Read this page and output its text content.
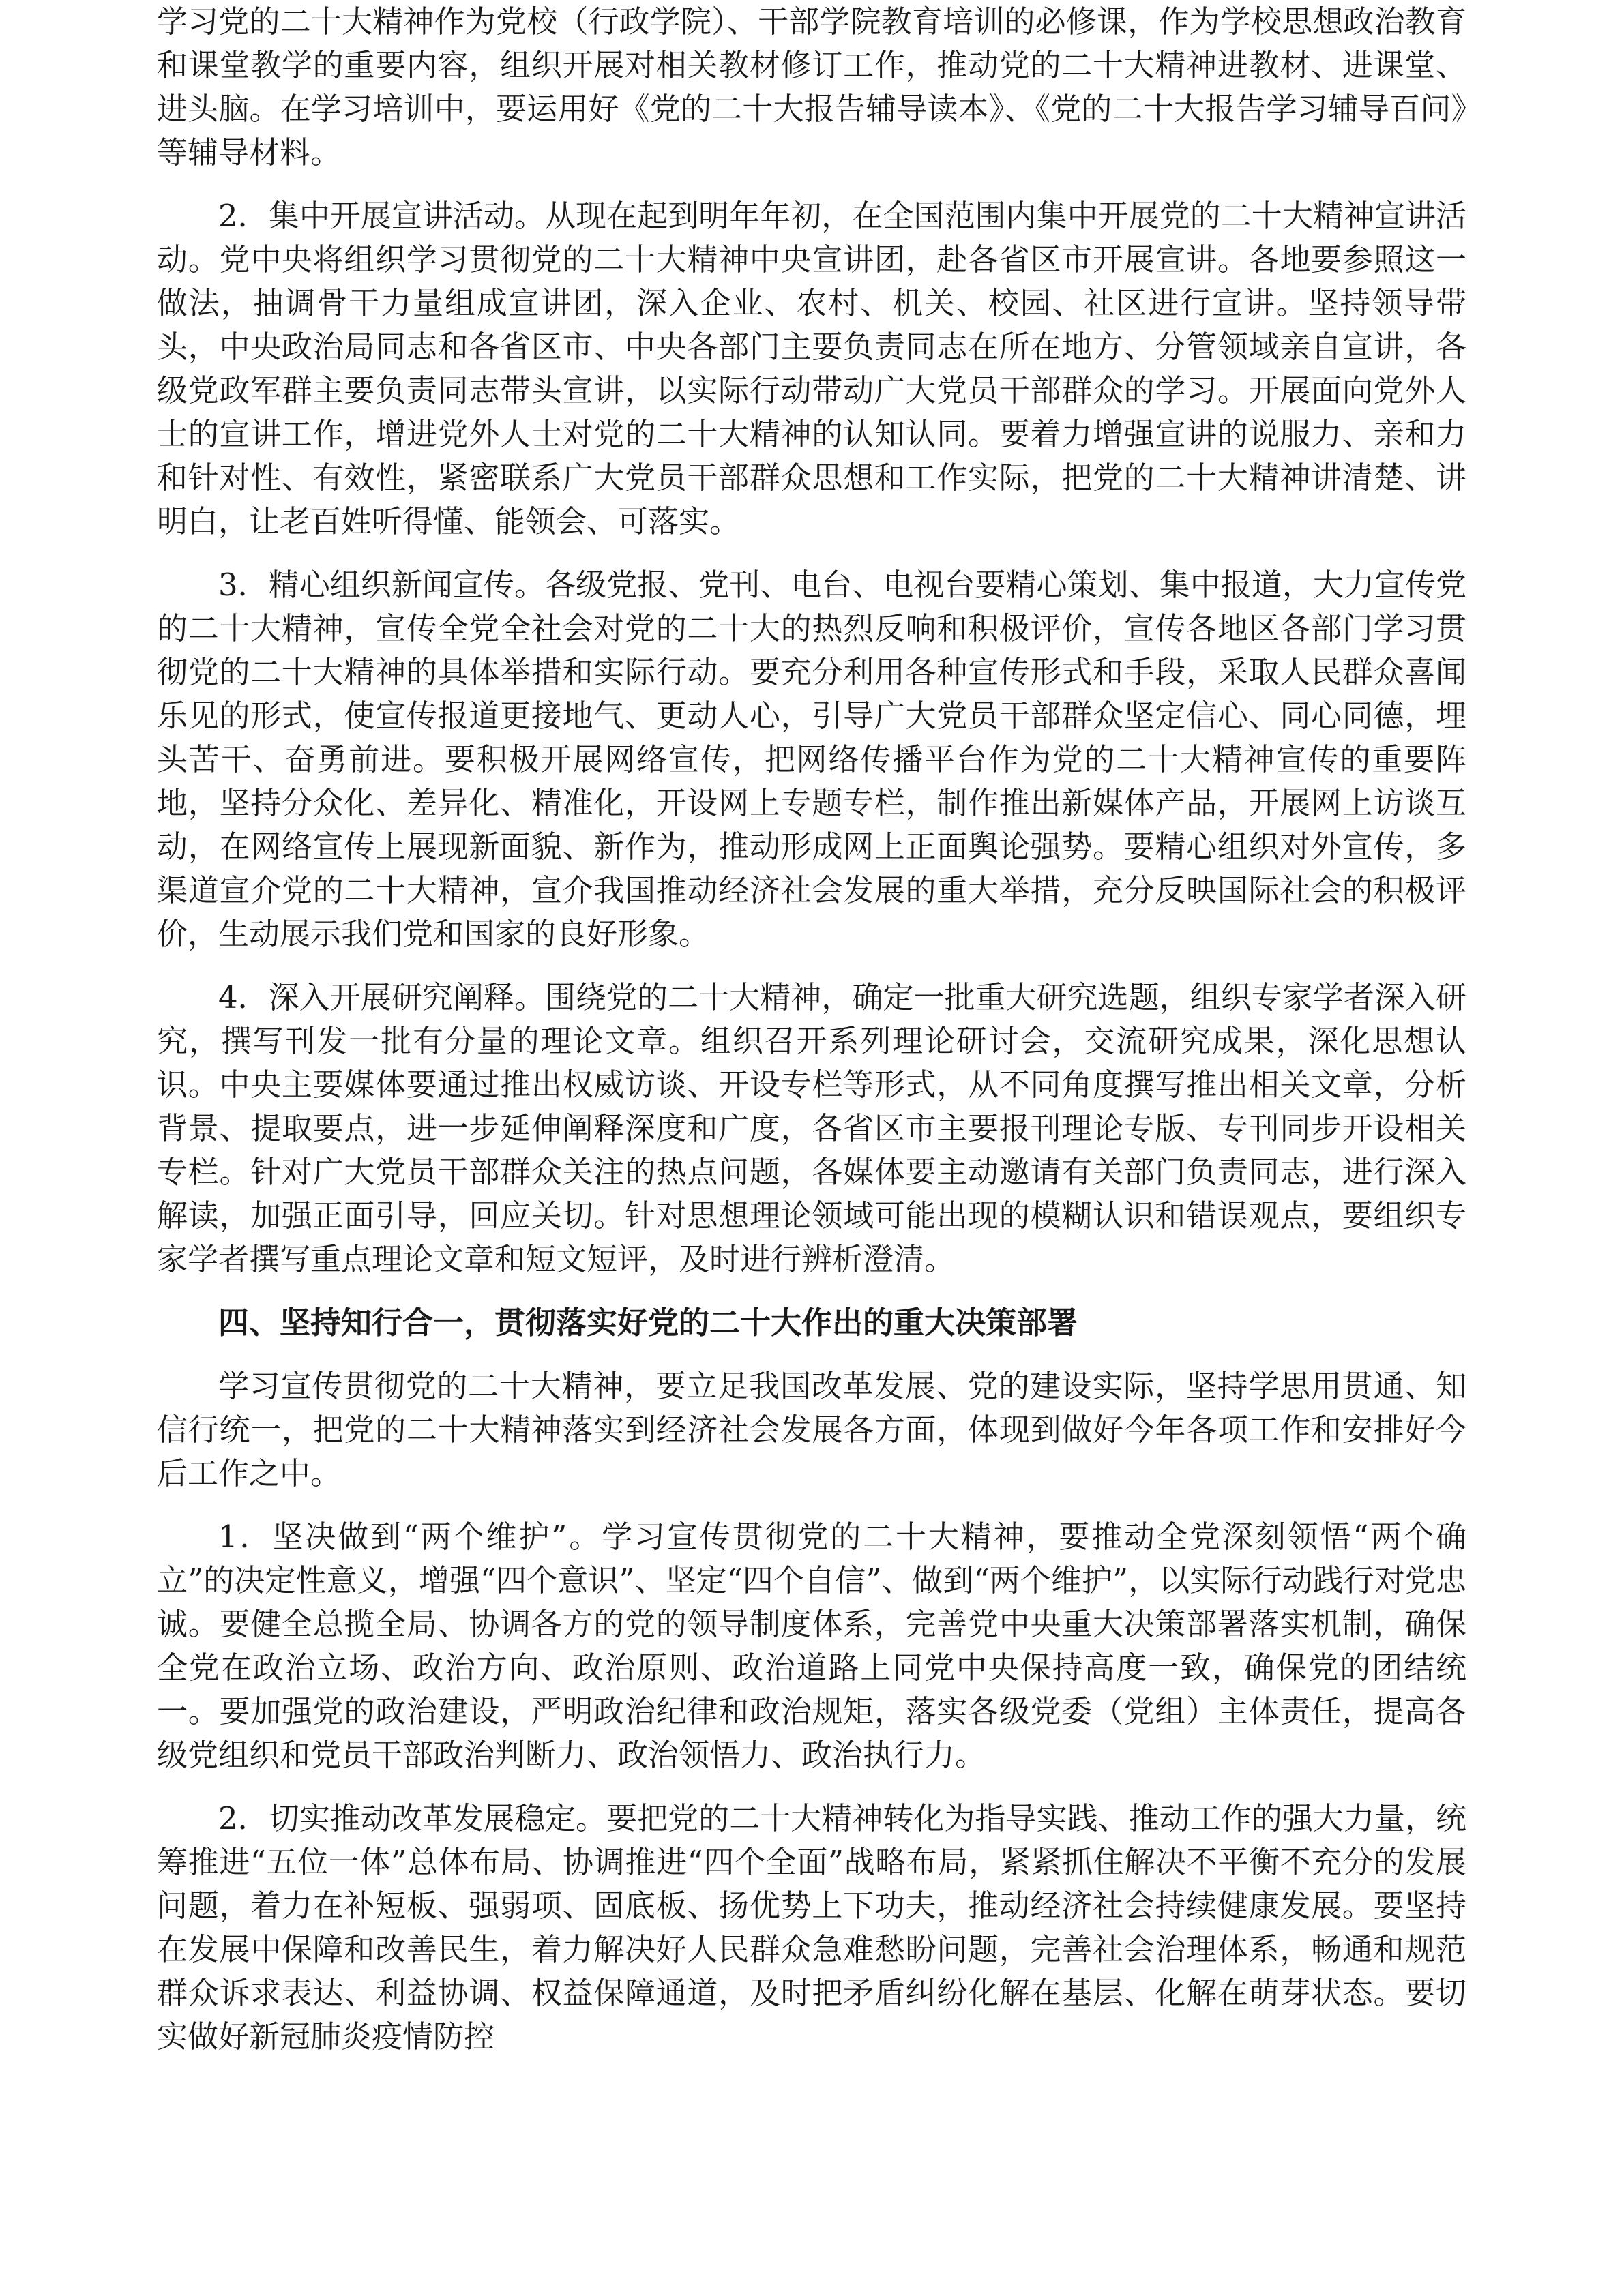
学习党的二十大精神作为党校（行政学院）、干部学院教育培训的必修课，作为学校思想政治教育和课堂教学的重要内容，组织开展对相关教材修订工作，推动党的二十大精神进教材、进课堂、进头脑。在学习培训中，要运用好《党的二十大报告辅导读本》、《党的二十大报告学习辅导百问》等辅导材料。

2．集中开展宣讲活动。从现在起到明年年初，在全国范围内集中开展党的二十大精神宣讲活动。党中央将组织学习贯彻党的二十大精神中央宣讲团，赴各省区市开展宣讲。各地要参照这一做法，抽调骨干力量组成宣讲团，深入企业、农村、机关、校园、社区进行宣讲。坚持领导带头，中央政治局同志和各省区市、中央各部门主要负责同志在所在地方、分管领域亲自宣讲，各级党政军群主要负责同志带头宣讲，以实际行动带动广大党员干部群众的学习。开展面向党外人士的宣讲工作，增进党外人士对党的二十大精神的认知认同。要着力增强宣讲的说服力、亲和力和针对性、有效性，紧密联系广大党员干部群众思想和工作实际，把党的二十大精神讲清楚、讲明白，让老百姓听得懂、能领会、可落实。

3．精心组织新闻宣传。各级党报、党刊、电台、电视台要精心策划、集中报道，大力宣传党的二十大精神，宣传全党全社会对党的二十大的热烈反响和积极评价，宣传各地区各部门学习贯彻党的二十大精神的具体举措和实际行动。要充分利用各种宣传形式和手段，采取人民群众喜闻乐见的形式，使宣传报道更接地气、更动人心，引导广大党员干部群众坚定信心、同心同德，埋头苦干、奋勇前进。要积极开展网络宣传，把网络传播平台作为党的二十大精神宣传的重要阵地，坚持分众化、差异化、精准化，开设网上专题专栏，制作推出新媒体产品，开展网上访谈互动，在网络宣传上展现新面貌、新作为，推动形成网上正面舆论强势。要精心组织对外宣传，多渠道宣介党的二十大精神，宣介我国推动经济社会发展的重大举措，充分反映国际社会的积极评价，生动展示我们党和国家的良好形象。

4．深入开展研究阐释。围绕党的二十大精神，确定一批重大研究选题，组织专家学者深入研究，撰写刊发一批有分量的理论文章。组织召开系列理论研讨会，交流研究成果，深化思想认识。中央主要媒体要通过推出权威访谈、开设专栏等形式，从不同角度撰写推出相关文章，分析背景、提取要点，进一步延伸阐释深度和广度，各省区市主要报刊理论专版、专刊同步开设相关专栏。针对广大党员干部群众关注的热点问题，各媒体要主动邀请有关部门负责同志，进行深入解读，加强正面引导，回应关切。针对思想理论领域可能出现的模糊认识和错误观点，要组织专家学者撰写重点理论文章和短文短评，及时进行辨析澄清。

四、坚持知行合一，贯彻落实好党的二十大作出的重大决策部署

学习宣传贯彻党的二十大精神，要立足我国改革发展、党的建设实际，坚持学思用贯通、知信行统一，把党的二十大精神落实到经济社会发展各方面，体现到做好今年各项工作和安排好今后工作之中。

1．坚决做到“两个维护”。学习宣传贯彻党的二十大精神，要推动全党深刻领悟“两个确立”的决定性意义，增强“四个意识”、坚定“四个自信”、做到“两个维护”，以实际行动践行对党忠诚。要健全总揽全局、协调各方的党的领导制度体系，完善党中央重大决策部署落实机制，确保全党在政治立场、政治方向、政治原则、政治道路上同党中央保持高度一致，确保党的团结统一。要加强党的政治建设，严明政治纪律和政治规矩，落实各级党委（党组）主体责任，提高各级党组织和党员干部政治判断力、政治领悟力、政治执行力。

2．切实推动改革发展稳定。要把党的二十大精神转化为指导实践、推动工作的强大力量，统筹推进“五位一体”总体布局、协调推进“四个全面”战略布局，紧紧抓住解决不平衡不充分的发展问题，着力在补短板、强弱项、固底板、扬优势上下功夫，推动经济社会持续健康发展。要坚持在发展中保障和改善民生，着力解决好人民群众急难愁盼问题，完善社会治理体系，畅通和规范群众诉求表达、利益协调、权益保障通道，及时把矛盾纠纷化解在基层、化解在萌芽状态。要切实做好新冠肺炎疫情防控
